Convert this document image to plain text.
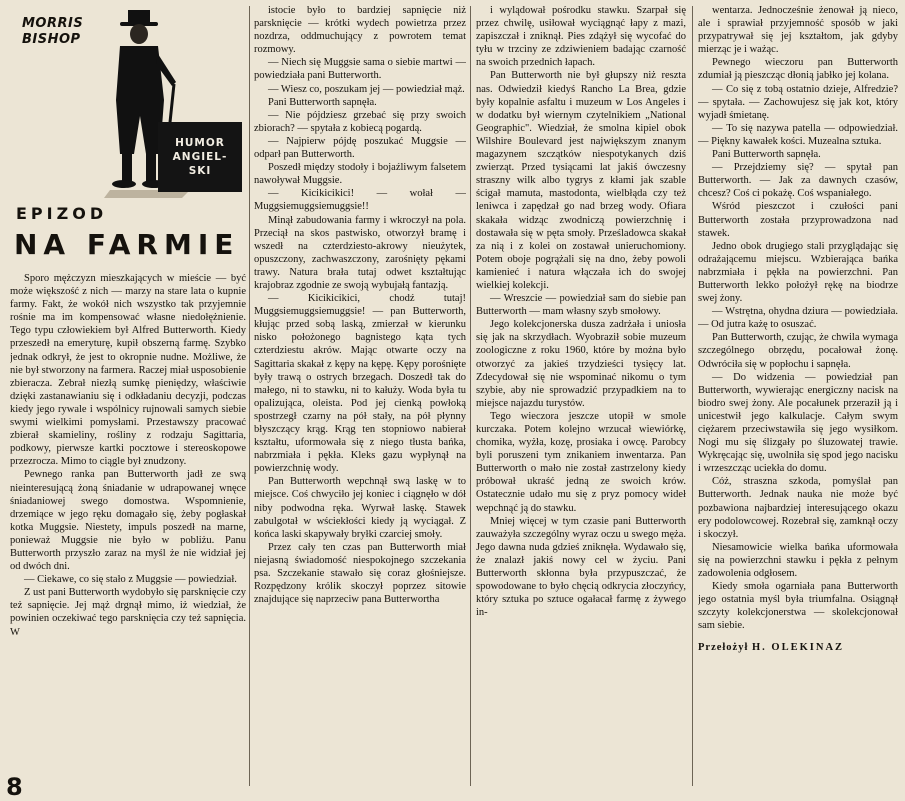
MORRIS
BISHOP
HUMOR
ANGIEL-
SKI
EPIZOD
NA FARMIE

Sporo mężczyzn mieszkających w mieście — być może większość z nich — marzy na stare lata o kupnie farmy. Fakt, że wokół nich wszystko tak przyjemnie rośnie ma im kompensować własne niedołężnienie. Tego typu człowiekiem był Alfred Butterworth. Kiedy przeszedł na emeryturę, kupił obszerną farmę. Szybko jednak odkrył, że jest to okropnie nudne. Możliwe, że nie był stworzony na farmera. Raczej miał usposobienie zbieracza. Zebrał niezłą sumkę pieniędzy, właściwie dzięki zastanawianiu się i odkładaniu decyzji, podczas kiedy jego rywale i wspólnicy rujnowali samych siebie swymi wielkimi pomysłami. Przestawszy pracować zbierał skamieliny, rośliny z rodzaju Sagittaria, podkowy, pierwsze kartki pocztowe i stereoskopowe przezrocza. Mimo to ciągle był znudzony.

Pewnego ranka pan Butterworth jadł ze swą nieinteresującą żoną śniadanie w udrapowanej wnęce śniadaniowej swego domostwa. Wspomnienie, drzemiące w jego ręku domagało się, żeby pogłaskał kotka Muggsie. Niestety, impuls poszedł na marne, ponieważ Muggsie nie było w pobliżu. Panu Butterworth przyszło zaraz na myśl że nie widział jej od dwóch dni.

— Ciekawe, co się stało z Muggsie — powiedział.

Z ust pani Butterworth wydobyło się parsknięcie czy też sapnięcie. Jej mąż drgnął mimo, iż wiedział, że powinien oczekiwać tego parsknięcia czy też sapnięcia. W

istocie było to bardziej sapnięcie niż parsknięcie — krótki wydech powietrza przez nozdrza, oddmuchujący z powrotem temat rozmowy.

— Niech się Muggsie sama o siebie martwi — powiedziała pani Butterworth.

— Wiesz co, poszukam jej — powiedział mąż.

Pani Butterworth sapnęła.

— Nie pójdziesz grzebać się przy swoich zbiorach? — spytała z kobiecą pogardą.

— Najpierw pójdę poszukać Muggsie — odparł pan Butterworth.

Poszedł między stodoły i bojaźliwym falsetem nawoływał Muggsie.

— Kicikicikici! — wołał — Muggsiemuggsiemuggsie!!

Minął zabudowania farmy i wkroczył na pola. Przeciął na skos pastwisko, otworzył bramę i wszedł na czterdziesto-akrowy nieużytek, opuszczony, zachwaszczony, zarośnięty pękami trawy. Natura brała tutaj odwet kształtując krajobraz zgodnie ze swoją wybujałą fantazją.

— Kicikicikici, chodź tutaj! Muggsiemuggsiemuggsie! — pan Butterworth, kłując przed sobą laską, zmierzał w kierunku nisko położonego bagnistego kąta tych czterdziestu akrów. Mając otwarte oczy na Sagittaria skakał z kępy na kępę. Kępy porośnięte były trawą o ostrych brzegach. Doszedł tak do małego, ni to stawku, ni to kałuży. Woda była tu opalizująca, oleista. Pod jej cienką powłoką spostrzegł czarny na pół stały, na pół płynny błyszczący krąg. Krąg ten stopniowo nabierał kształtu, uformowała się z niego tłusta bańka, nabrzmiała i pękła. Kleks gazu wypłynął na powierzchnię wody.

Pan Butterworth wepchnął swą laskę w to miejsce. Coś chwyciło jej koniec i ciągnęło w dół niby podwodna ręka. Wyrwał laskę. Stawek zabulgotał w wściekłości kiedy ją wyciągał. Z końca laski skapywały bryłki czarciej smoły.

Przez cały ten czas pan Butterworth miał niejasną świadomość niespokojnego szczekania psa. Szczekanie stawało się coraz głośniejsze. Rozpędzony królik skoczył poprzez sitowie znajdujące się naprzeciw pana Butterwortha

i wylądował pośrodku stawku. Szarpał się przez chwilę, usiłował wyciągnąć łapy z mazi, zapiszczał i zniknął. Pies zdążył się wycofać do tyłu w trzciny ze zdziwieniem badając czarność na swoich przednich łapach.

Pan Butterworth nie był głupszy niż reszta nas. Odwiedził kiedyś Rancho La Brea, gdzie były kopalnie asfaltu i muzeum w Los Angeles i w dodatku był wiernym czytelnikiem „National Geographic". Wiedział, że smolna kipiel obok Wilshire Boulevard jest największym znanym magazynem szczątków niespotykanych dziś zwierząt. Przed tysiącami lat jakiś ówczesny straszny wilk albo tygrys z kłami jak szable ścigał mamuta, mastodonta, wielbłąda czy też leniwca i zapędzał go nad brzeg wody. Ofiara skakała widząc zwodniczą powierzchnię i dostawała się w pęta smoły. Prześladowca skakał za nią i z kolei on zostawał unieruchomiony. Potem oboje pogrążali się na dno, żeby powoli kamienieć i natura włączała ich do swojej wielkiej kolekcji.

— Wreszcie — powiedział sam do siebie pan Butterworth — mam własny szyb smołowy.

Jego kolekcjonerska dusza zadrżała i uniosła się jak na skrzydłach. Wyobraził sobie muzeum zoologiczne z roku 1960, które by można było otworzyć za jakieś trzydzieści tysięcy lat. Zdecydował się nie wspominać nikomu o tym szybie, aby nie sprowadzić przypadkiem na to miejsce najazdu turystów.

Tego wieczora jeszcze utopił w smole kurczaka. Potem kolejno wrzucał wiewiórkę, chomika, wyżła, kozę, prosiaka i owcę. Parobcy byli poruszeni tym znikaniem inwentarza. Pan Butterworth o mało nie został zastrzelony kiedy próbował ukraść jedną ze swoich krów. Ostatecznie udało mu się z pryz pomocy wideł wepchnąć ją do stawku.

Mniej więcej w tym czasie pani Butterworth zauważyła szczególny wyraz oczu u swego męża. Jego dawna nuda gdzieś zniknęła. Wydawało się, że znalazł jakiś nowy cel w życiu. Pani Butterworth skłonna była przypuszczać, że spowodowane to było chęcią odkrycia złoczyńcy, który sztuka po sztuce ogałacał farmę z żywego in-

wentarza. Jednocześnie żenował ją nieco, ale i sprawiał przyjemność sposób w jaki przypatrywał się jej kształtom, jak gdyby mierząc je i ważąc.

Pewnego wieczoru pan Butterworth zdumiał ją pieszcząc dłonią jabłko jej kolana.

— Co się z tobą ostatnio dzieje, Alfredzie? — spytała. — Zachowujesz się jak kot, który wyjadł śmietanę.

— To się nazywa patella — odpowiedział. — Piękny kawałek kości. Muzealna sztuka.

Pani Butterworth sapnęła.

— Przejdziemy się? — spytał pan Butterworth. — Jak za dawnych czasów, chcesz? Coś ci pokażę. Coś wspaniałego.

Wśród pieszczot i czułości pani Butterworth została przyprowadzona nad stawek.

Jedno obok drugiego stali przyglądając się odrażającemu miejscu. Wzbierająca bańka nabrzmiała i pękła na powierzchni. Pan Butterworth lekko położył rękę na biodrze swej żony.

— Wstrętna, ohydna dziura — powiedziała. — Od jutra każę to osuszać.

Pan Butterworth, czując, że chwila wymaga szczególnego obrzędu, pocałował żonę. Odwróciła się w popłochu i sapnęła.

— Do widzenia — powiedział pan Butterworth, wywierając energiczny nacisk na biodro swej żony. Ale pocałunek przeraził ją i unicestwił jego kalkulacje. Całym swym ciężarem przeciwstawiła się jego wysiłkom. Nogi mu się ślizgały po śluzowatej trawie. Wykręcając się, uwolniła się spod jego nacisku i wrzeszcząc uciekła do domu.

Cóż, straszna szkoda, pomyślał pan Butterworth. Jednak nauka nie może być pozbawiona najbardziej interesującego okazu ery podolowcowej. Rozebrał się, zamknął oczy i skoczył.

Niesamowicie wielka bańka uformowała się na powierzchni stawku i pękła z pełnym zadowolenia odgłosem.

Kiedy smoła ogarniała pana Butterworth jego ostatnia myśl była triumfalna. Osiągnął szczyty kolekcjonerstwa — skolekcjonował sam siebie.

Przełożył H. OLEKINAZ
8
